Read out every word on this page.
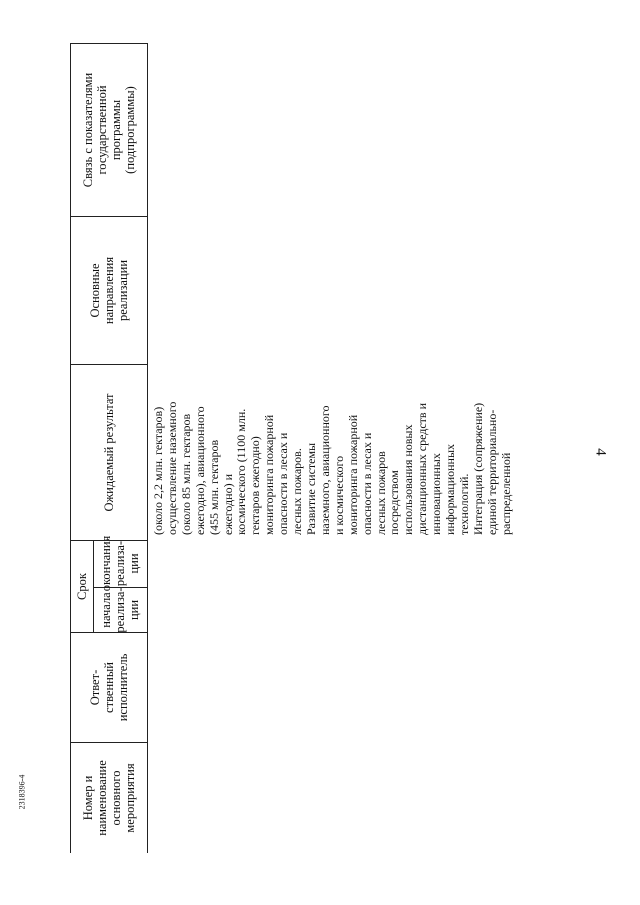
4
2318396-4	Номер и
наименование
основного
мероприятия
Ответ-
ственный
исполнитель
Срок
начала
реализа-
ции
окончания
реализа-
ции
Ожидаемый результат
Основные
направления
реализации
Связь с показателями
государственной
программы
(подпрограммы)
(около 2,2 млн. гектаров)
осуществление наземного
(около 85 млн. гектаров
ежегодно), авиационного
(455 млн. гектаров
ежегодно) и
космического (1100 млн.
гектаров ежегодно)
мониторинга пожарной
опасности в лесах и
лесных пожаров.
Развитие системы
наземного, авиационного
и космического
мониторинга пожарной
опасности в лесах и
лесных пожаров
посредством
использования новых
дистанционных средств и
инновационных
информационных
технологий.
Интеграция (сопряжение)
единой территориально-
распределенной
